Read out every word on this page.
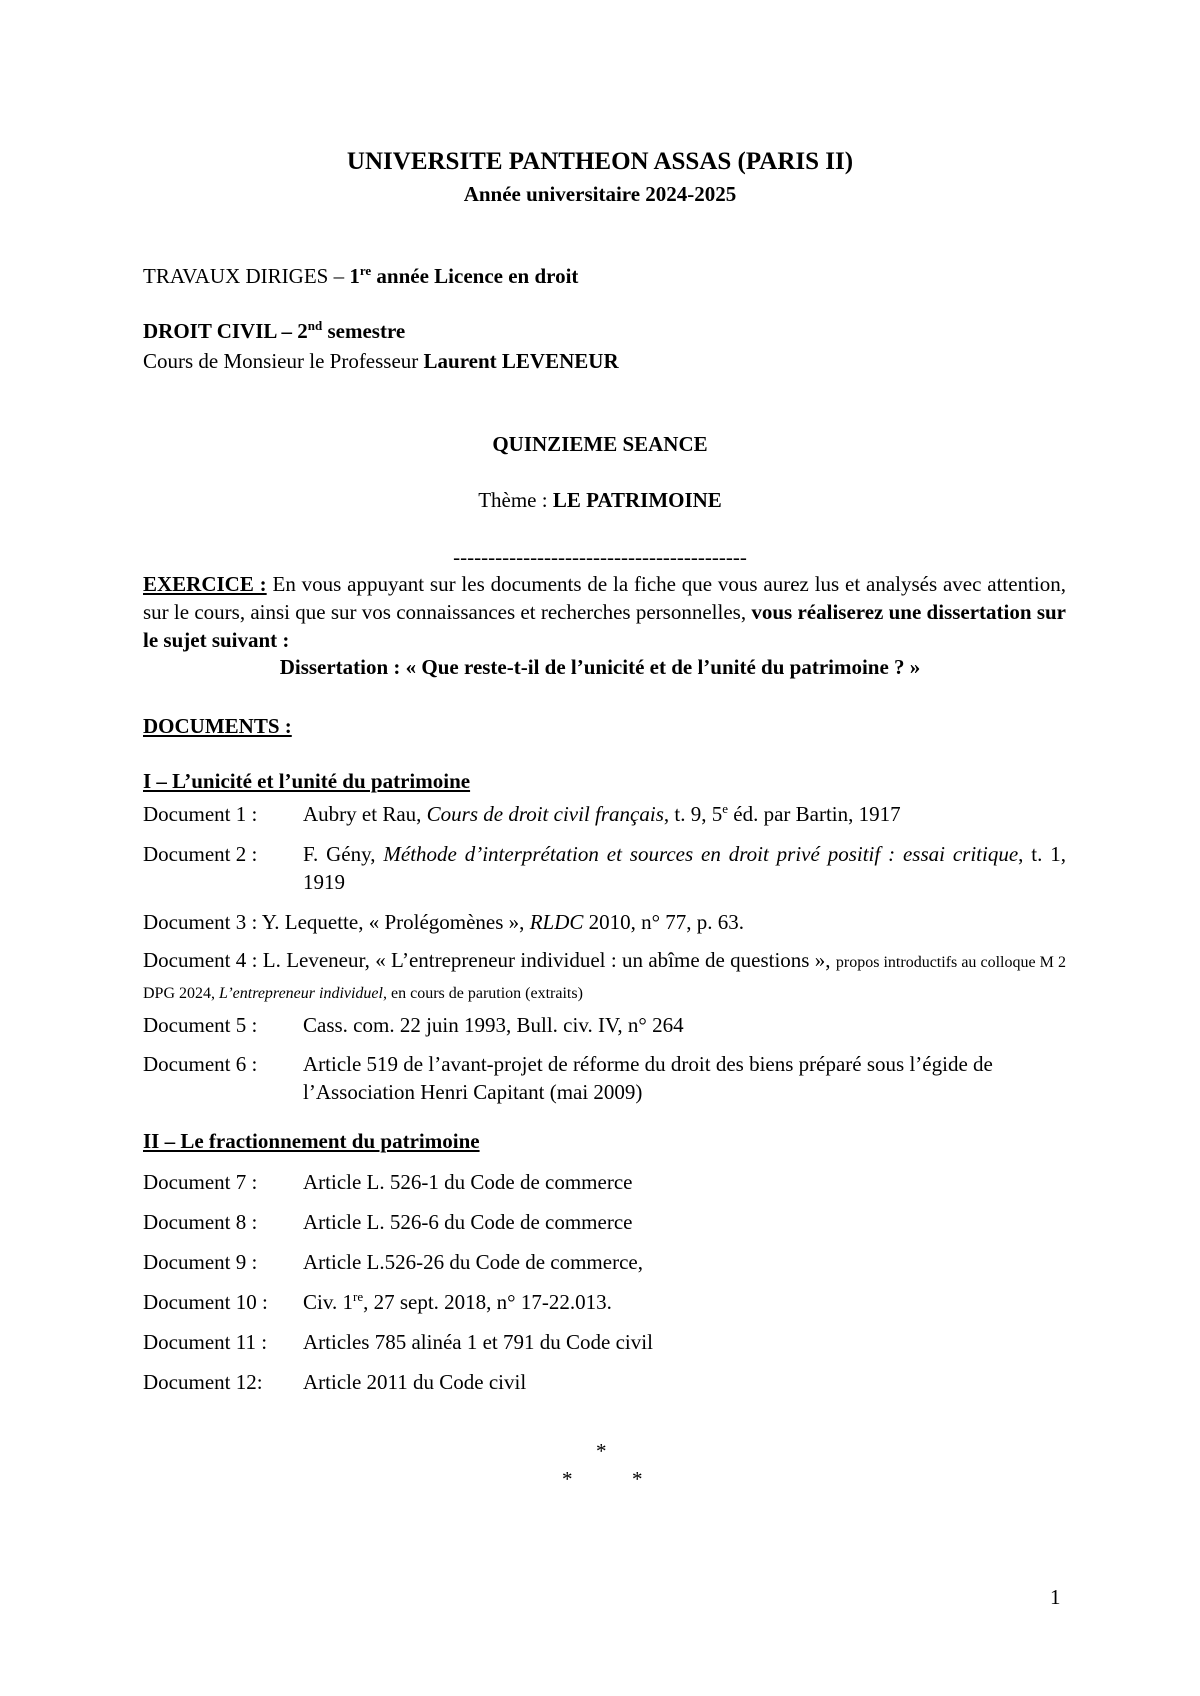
UNIVERSITE PANTHEON ASSAS (PARIS II)
Année universitaire 2024-2025
TRAVAUX DIRIGES – 1re année Licence en droit
DROIT CIVIL – 2nd semestre
Cours de Monsieur le Professeur Laurent LEVENEUR
QUINZIEME SEANCE
Thème : LE PATRIMOINE
------------------------------------------
EXERCICE : En vous appuyant sur les documents de la fiche que vous aurez lus et analysés avec attention, sur le cours, ainsi que sur vos connaissances et recherches personnelles, vous réaliserez une dissertation sur le sujet suivant :
Dissertation : « Que reste-t-il de l’unicité et de l’unité du patrimoine ? »
DOCUMENTS :
I – L’unicité et l’unité du patrimoine
Document 1 :	Aubry et Rau, Cours de droit civil français, t. 9, 5e éd. par Bartin, 1917
Document 2 :	F. Gény, Méthode d’interprétation et sources en droit privé positif : essai critique, t. 1, 1919
Document 3 : Y. Lequette, « Prolégomènes », RLDC 2010, n° 77, p. 63.
Document 4 : L. Leveneur, « L’entrepreneur individuel : un abîme de questions », propos introductifs au colloque M 2 DPG 2024, L’entrepreneur individuel, en cours de parution (extraits)
Document 5 :	Cass. com. 22 juin 1993, Bull. civ. IV, n° 264
Document 6 :	Article 519 de l’avant-projet de réforme du droit des biens préparé sous l’égide de l’Association Henri Capitant (mai 2009)
II – Le fractionnement du patrimoine
Document 7 :	Article L. 526-1 du Code de commerce
Document 8 :	Article L. 526-6 du Code de commerce
Document 9 :	Article L.526-26 du Code de commerce,
Document 10 :	Civ. 1re, 27 sept. 2018, n° 17-22.013.
Document 11 :	Articles 785 alinéa 1 et 791 du Code civil
Document 12:	Article 2011 du Code civil
*
*	*
1
